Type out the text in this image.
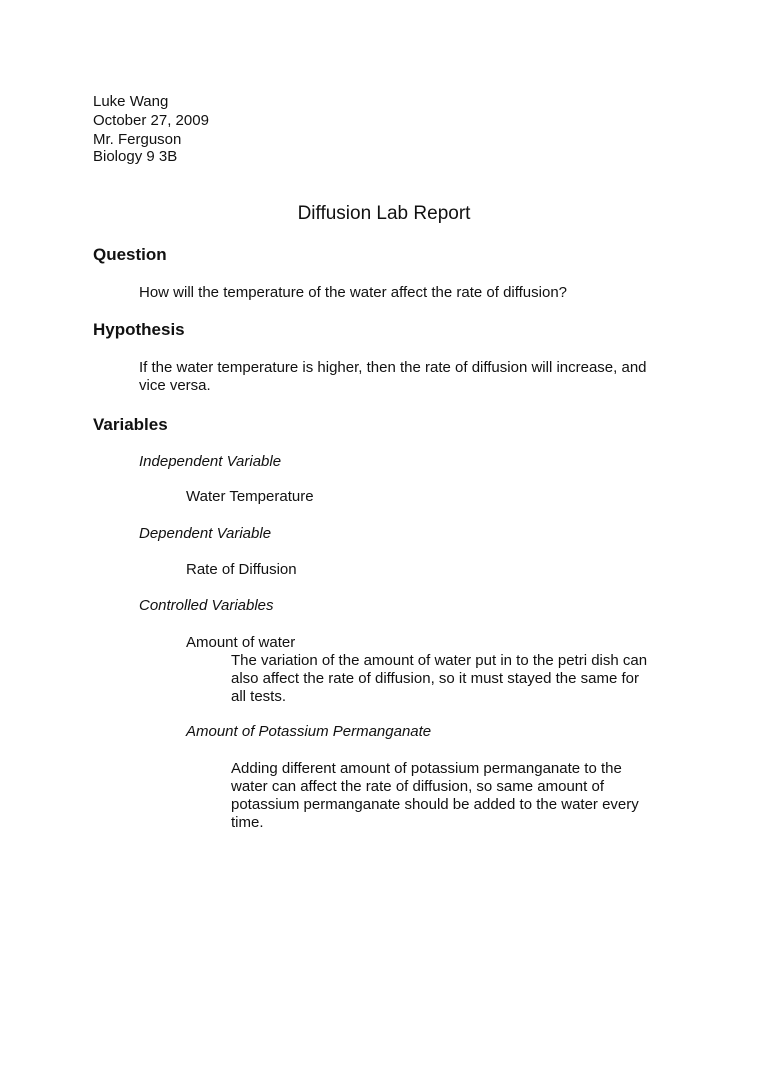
Luke Wang
October 27, 2009
Mr. Ferguson
Biology 9 3B
Diffusion Lab Report
Question
How will the temperature of the water affect the rate of diffusion?
Hypothesis
If the water temperature is higher, then the rate of diffusion will increase, and
vice versa.
Variables
Independent Variable
Water Temperature
Dependent Variable
Rate of Diffusion
Controlled Variables
Amount of water
The variation of the amount of water put in to the petri dish can
also affect the rate of diffusion, so it must stayed the same for
all tests.
Amount of Potassium Permanganate
Adding different amount of potassium permanganate to the
water can affect the rate of diffusion, so same amount of
potassium permanganate should be added to the water every
time.
